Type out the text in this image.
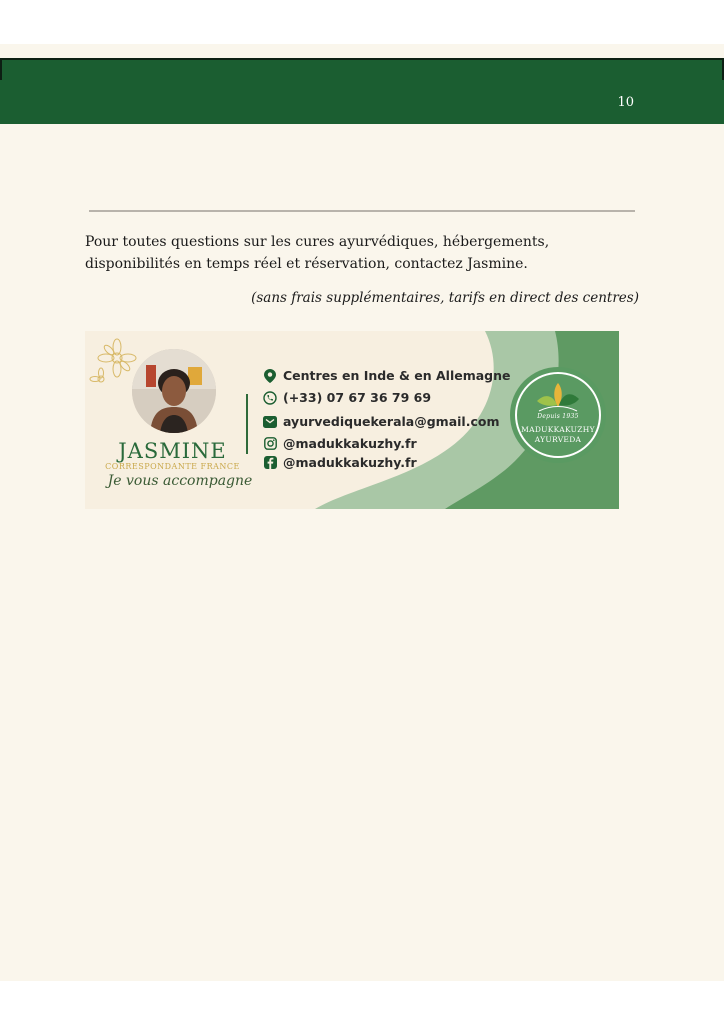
10
Pour toutes questions sur les cures ayurvédiques, hébergements, disponibilités en temps réel et réservation, contactez Jasmine.
(sans frais supplémentaires, tarifs en direct des centres)
JASMINE
CORRESPONDANTE FRANCE
Je vous accompagne
Centres en Inde & en Allemagne
(+33) 07 67 36 79 69
ayurvediquekerala@gmail.com
@madukkakuzhy.fr
@madukkakuzhy.fr
Depuis 1935
MADUKKAKUZHY
AYURVEDA
